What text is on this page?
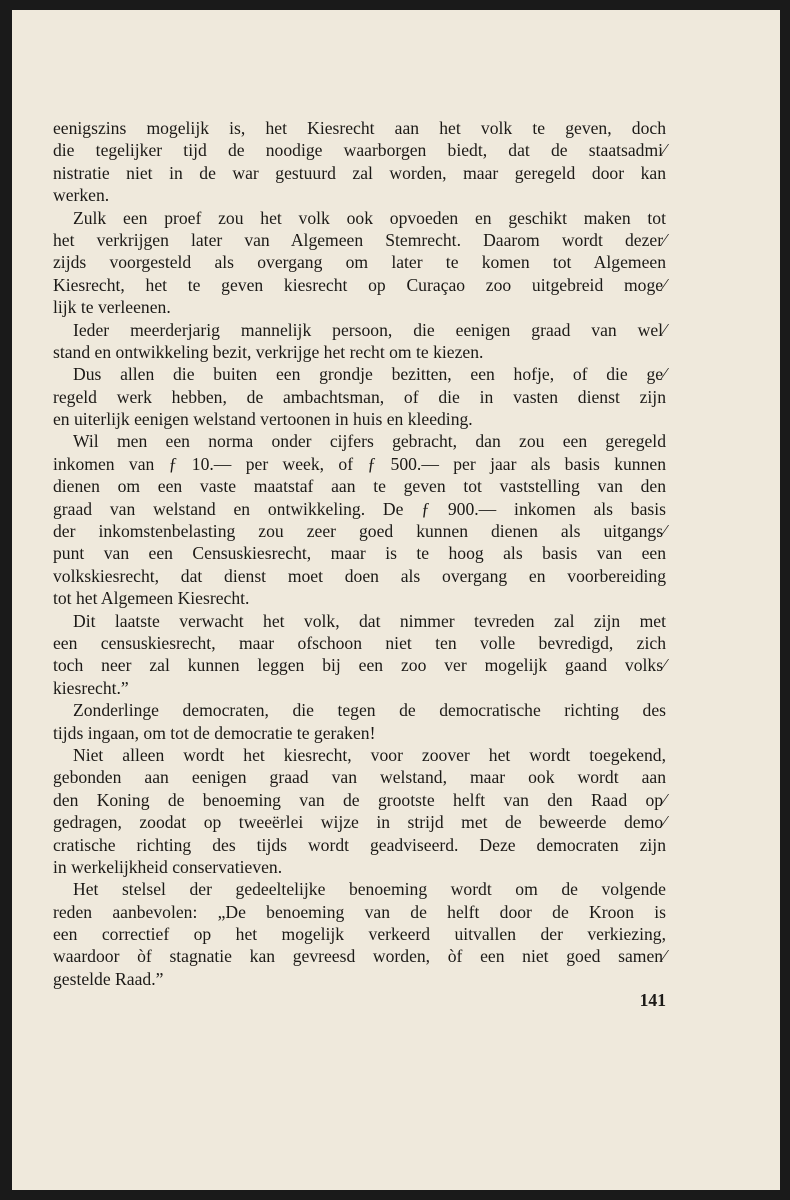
eenigszins mogelijk is, het Kiesrecht aan het volk te geven, doch
die tegelijker tijd de noodige waarborgen biedt, dat de staatsadmi⁄
nistratie niet in de war gestuurd zal worden, maar geregeld door kan
werken.
Zulk een proef zou het volk ook opvoeden en geschikt maken tot
het verkrijgen later van Algemeen Stemrecht. Daarom wordt dezer⁄
zijds voorgesteld als overgang om later te komen tot Algemeen
Kiesrecht, het te geven kiesrecht op Curaçao zoo uitgebreid moge⁄
lijk te verleenen.
Ieder meerderjarig mannelijk persoon, die eenigen graad van wel⁄
stand en ontwikkeling bezit, verkrijge het recht om te kiezen.
Dus allen die buiten een grondje bezitten, een hofje, of die ge⁄
regeld werk hebben, de ambachtsman, of die in vasten dienst zijn
en uiterlijk eenigen welstand vertoonen in huis en kleeding.
Wil men een norma onder cijfers gebracht, dan zou een geregeld
inkomen van ƒ 10.— per week, of ƒ 500.— per jaar als basis kunnen
dienen om een vaste maatstaf aan te geven tot vaststelling van den
graad van welstand en ontwikkeling. De ƒ 900.— inkomen als basis
der inkomstenbelasting zou zeer goed kunnen dienen als uitgangs⁄
punt van een Censuskiesrecht, maar is te hoog als basis van een
volkskiesrecht, dat dienst moet doen als overgang en voorbereiding
tot het Algemeen Kiesrecht.
Dit laatste verwacht het volk, dat nimmer tevreden zal zijn met
een censuskiesrecht, maar ofschoon niet ten volle bevredigd, zich
toch neer zal kunnen leggen bij een zoo ver mogelijk gaand volks⁄
kiesrecht.”
Zonderlinge democraten, die tegen de democratische richting des
tijds ingaan, om tot de democratie te geraken!
Niet alleen wordt het kiesrecht, voor zoover het wordt toegekend,
gebonden aan eenigen graad van welstand, maar ook wordt aan
den Koning de benoeming van de grootste helft van den Raad op⁄
gedragen, zoodat op tweeërlei wijze in strijd met de beweerde demo⁄
cratische richting des tijds wordt geadviseerd. Deze democraten zijn
in werkelijkheid conservatieven.
Het stelsel der gedeeltelijke benoeming wordt om de volgende
reden aanbevolen: „De benoeming van de helft door de Kroon is
een correctief op het mogelijk verkeerd uitvallen der verkiezing,
waardoor òf stagnatie kan gevreesd worden, òf een niet goed samen⁄
gestelde Raad.”
141
